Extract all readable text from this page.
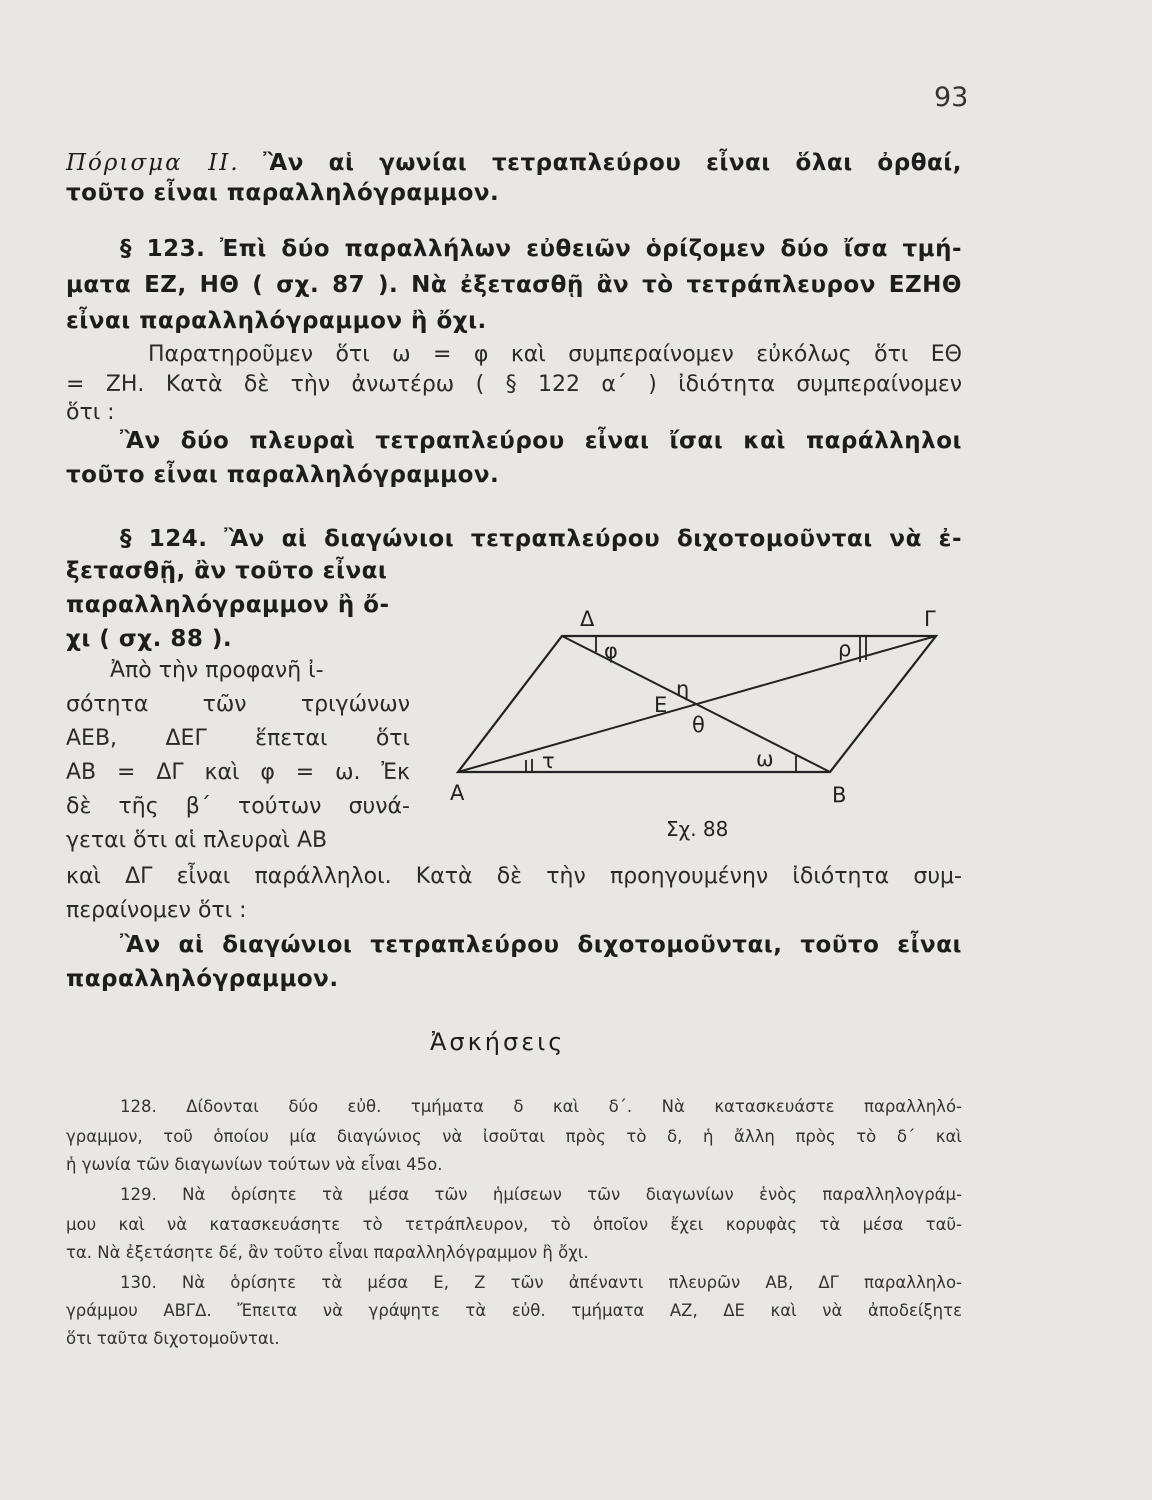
93
Πόρισμα ΙΙ. Ἂν αἱ γωνίαι τετραπλεύρου εἶναι ὅλαι ὀρθαί,
τοῦτο εἶναι παραλληλόγραμμον.
§ 123. Ἐπὶ δύο παραλλήλων εὐθειῶν ὁρίζομεν δύο ἴσα τμή-
ματα ΕΖ, ΗΘ ( σχ. 87 ). Νὰ ἐξετασθῇ ἂν τὸ τετράπλευρον ΕΖΗΘ
εἶναι παραλληλόγραμμον ἢ ὄχι.
Παρατηροῦμεν ὅτι ω = φ καὶ συμπεραίνομεν εὐκόλως ὅτι ΕΘ
= ΖΗ. Κατὰ δὲ τὴν ἀνωτέρω ( § 122 α΄ ) ἰδιότητα συμπεραίνομεν
ὅτι :
Ἂν δύο πλευραὶ τετραπλεύρου εἶναι ἴσαι καὶ παράλληλοι
τοῦτο εἶναι παραλληλόγραμμον.
§ 124. Ἂν αἱ διαγώνιοι τετραπλεύρου διχοτομοῦνται νὰ ἐ-
ξετασθῇ, ἂν τοῦτο εἶναι
παραλληλόγραμμον ἢ ὄ-
χι ( σχ. 88 ).
Ἀπὸ τὴν προφανῆ ἰ-
σότητα τῶν τριγώνων
ΑΕΒ, ΔΕΓ ἕπεται ὅτι
ΑΒ = ΔΓ καὶ φ = ω. Ἐκ
δὲ τῆς β΄ τούτων συνά-
γεται ὅτι αἱ πλευραὶ ΑΒ
καὶ ΔΓ εἶναι παράλληλοι. Κατὰ δὲ τὴν προηγουμένην ἰδιότητα συμ-
περαίνομεν ὅτι :
Ἂν αἱ διαγώνιοι τετραπλεύρου διχοτομοῦνται, τοῦτο εἶναι
παραλληλόγραμμον.
Α	Β
Γ
Δ
Ε
φ	ρ
τ	ω
η
θ
Σχ. 88
Ἀσκήσεις
128. Δίδονται δύο εὐθ. τμήματα δ καὶ δ΄. Νὰ κατασκευάστε παραλληλό-
γραμμον, τοῦ ὁποίου μία διαγώνιος νὰ ἰσοῦται πρὸς τὸ δ, ἡ ἄλλη πρὸς τὸ δ΄ καὶ
ἡ γωνία τῶν διαγωνίων τούτων νὰ εἶναι 45ο.
129. Νὰ ὁρίσητε τὰ μέσα τῶν ἡμίσεων τῶν διαγωνίων ἑνὸς παραλληλογράμ-
μου καὶ νὰ κατασκευάσητε τὸ τετράπλευρον, τὸ ὁποῖον ἔχει κορυφὰς τὰ μέσα ταῦ-
τα. Νὰ ἐξετάσητε δέ, ἂν τοῦτο εἶναι παραλληλόγραμμον ἢ ὄχι.
130. Νὰ ὁρίσητε τὰ μέσα Ε, Ζ τῶν ἀπέναντι πλευρῶν ΑΒ, ΔΓ παραλληλο-
γράμμου ΑΒΓΔ. Ἔπειτα νὰ γράψητε τὰ εὐθ. τμήματα ΑΖ, ΔΕ καὶ νὰ ἀποδείξητε
ὅτι ταῦτα διχοτομοῦνται.
